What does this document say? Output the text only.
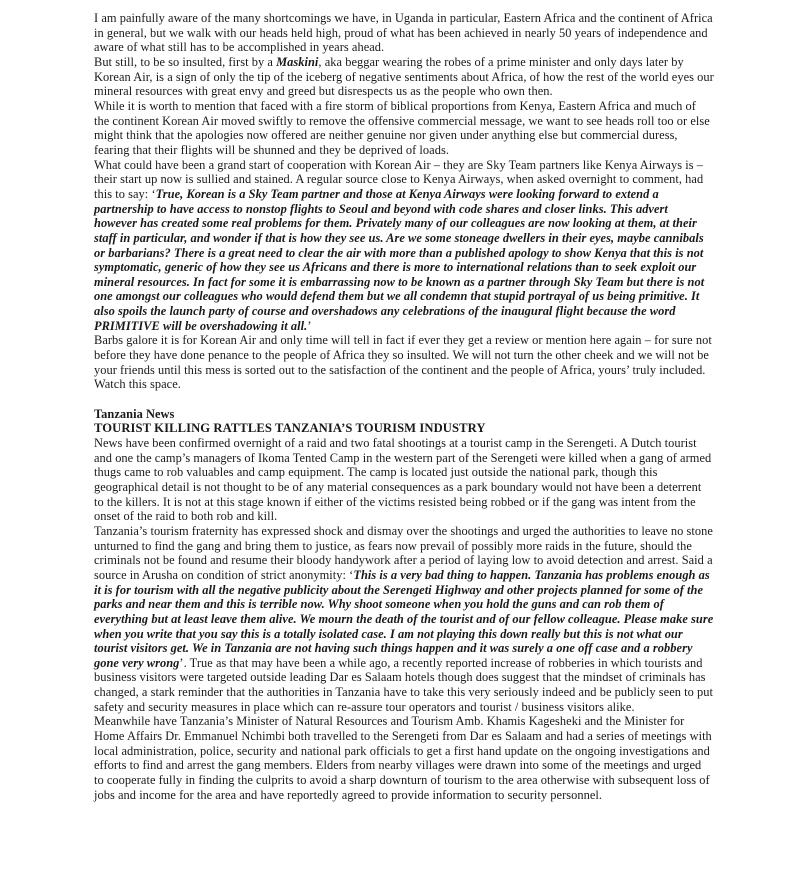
I am painfully aware of the many shortcomings we have, in Uganda in particular, Eastern Africa and the continent of Africa in general, but we walk with our heads held high, proud of what has been achieved in nearly 50 years of independence and aware of what still has to be accomplished in years ahead.

But still, to be so insulted, first by a Maskini, aka beggar wearing the robes of a prime minister and only days later by Korean Air, is a sign of only the tip of the iceberg of negative sentiments about Africa, of how the rest of the world eyes our mineral resources with great envy and greed but disrespects us as the people who own then.

While it is worth to mention that faced with a fire storm of biblical proportions from Kenya, Eastern Africa and much of the continent Korean Air moved swiftly to remove the offensive commercial message, we want to see heads roll too or else might think that the apologies now offered are neither genuine nor given under anything else but commercial duress, fearing that their flights will be shunned and they be deprived of loads.

What could have been a grand start of cooperation with Korean Air – they are Sky Team partners like Kenya Airways is – their start up now is sullied and stained. A regular source close to Kenya Airways, when asked overnight to comment, had this to say: ‘True, Korean is a Sky Team partner and those at Kenya Airways were looking forward to extend a partnership to have access to nonstop flights to Seoul and beyond with code shares and closer links. This advert however has created some real problems for them. Privately many of our colleagues are now looking at them, at their staff in particular, and wonder if that is how they see us. Are we some stoneage dwellers in their eyes, maybe cannibals or barbarians? There is a great need to clear the air with more than a published apology to show Kenya that this is not symptomatic, generic of how they see us Africans and there is more to international relations than to seek exploit our mineral resources. In fact for some it is embarrassing now to be known as a partner through Sky Team but there is not one amongst our colleagues who would defend them but we all condemn that stupid portrayal of us being primitive. It also spoils the launch party of course and overshadows any celebrations of the inaugural flight because the word PRIMITIVE will be overshadowing it all.’

Barbs galore it is for Korean Air and only time will tell in fact if ever they get a review or mention here again – for sure not before they have done penance to the people of Africa they so insulted. We will not turn the other cheek and we will not be your friends until this mess is sorted out to the satisfaction of the continent and the people of Africa, yours’ truly included. Watch this space.

Tanzania News

TOURIST KILLING RATTLES TANZANIA’S TOURISM INDUSTRY

News have been confirmed overnight of a raid and two fatal shootings at a tourist camp in the Serengeti. A Dutch tourist and one the camp’s managers of Ikoma Tented Camp in the western part of the Serengeti were killed when a gang of armed thugs came to rob valuables and camp equipment. The camp is located just outside the national park, though this geographical detail is not thought to be of any material consequences as a park boundary would not have been a deterrent to the killers. It is not at this stage known if either of the victims resisted being robbed or if the gang was intent from the onset of the raid to both rob and kill.

Tanzania’s tourism fraternity has expressed shock and dismay over the shootings and urged the authorities to leave no stone unturned to find the gang and bring them to justice, as fears now prevail of possibly more raids in the future, should the criminals not be found and resume their bloody handywork after a period of laying low to avoid detection and arrest. Said a source in Arusha on condition of strict anonymity: ‘This is a very bad thing to happen. Tanzania has problems enough as it is for tourism with all the negative publicity about the Serengeti Highway and other projects planned for some of the parks and near them and this is terrible now. Why shoot someone when you hold the guns and can rob them of everything but at least leave them alive. We mourn the death of the tourist and of our fellow colleague. Please make sure when you write that you say this is a totally isolated case. I am not playing this down really but this is not what our tourist visitors get. We in Tanzania are not having such things happen and it was surely a one off case and a robbery gone very wrong’. True as that may have been a while ago, a recently reported increase of robberies in which tourists and business visitors were targeted outside leading Dar es Salaam hotels though does suggest that the mindset of criminals has changed, a stark reminder that the authorities in Tanzania have to take this very seriously indeed and be publicly seen to put safety and security measures in place which can re-assure tour operators and tourist / business visitors alike.

Meanwhile have Tanzania’s Minister of Natural Resources and Tourism Amb. Khamis Kagesheki and the Minister for Home Affairs Dr. Emmanuel Nchimbi both travelled to the Serengeti from Dar es Salaam and had a series of meetings with local administration, police, security and national park officials to get a first hand update on the ongoing investigations and efforts to find and arrest the gang members. Elders from nearby villages were drawn into some of the meetings and urged to cooperate fully in finding the culprits to avoid a sharp downturn of tourism to the area otherwise with subsequent loss of jobs and income for the area and have reportedly agreed to provide information to security personnel.
